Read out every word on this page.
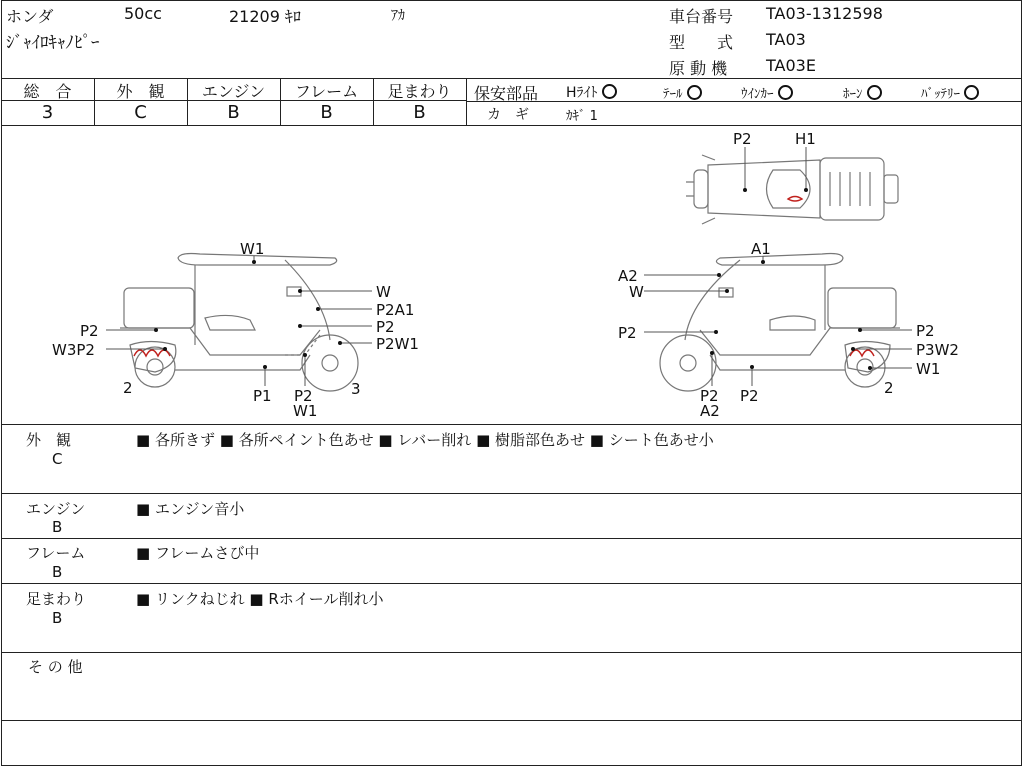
ホンダ	50cc	21209 ｷﾛ	ｱｶ
ｼﾞｬｲﾛｷｬﾉﾋﾟｰ
車台番号 TA03-1312598
型　　式 TA03
原 動 機 TA03E
総　合	外　観	エンジン	フレーム	足まわり
3	C	B	B	B
保安部品 Hﾗｲﾄ	ﾃｰﾙ	ｳｲﾝｶｰ	ﾎｰﾝ	ﾊﾞｯﾃﾘｰ
カ　ギ	ｶｷﾞ 1
P2	H1
W1
W
P2A1
P2
P2W1
P2
W3P2
2	P1 P2
W1
3
A1
A2
W
P2	P2
P3W2
W1
2
P2
A2
P2
外　観
C
■ 各所きず ■ 各所ペイント色あせ ■ レバー削れ ■ 樹脂部色あせ ■ シート色あせ小
エンジン
B
■ エンジン音小
フレーム
B
■ フレームさび中
足まわり
B
■ リンクねじれ ■ Rホイール削れ小
そ の 他
